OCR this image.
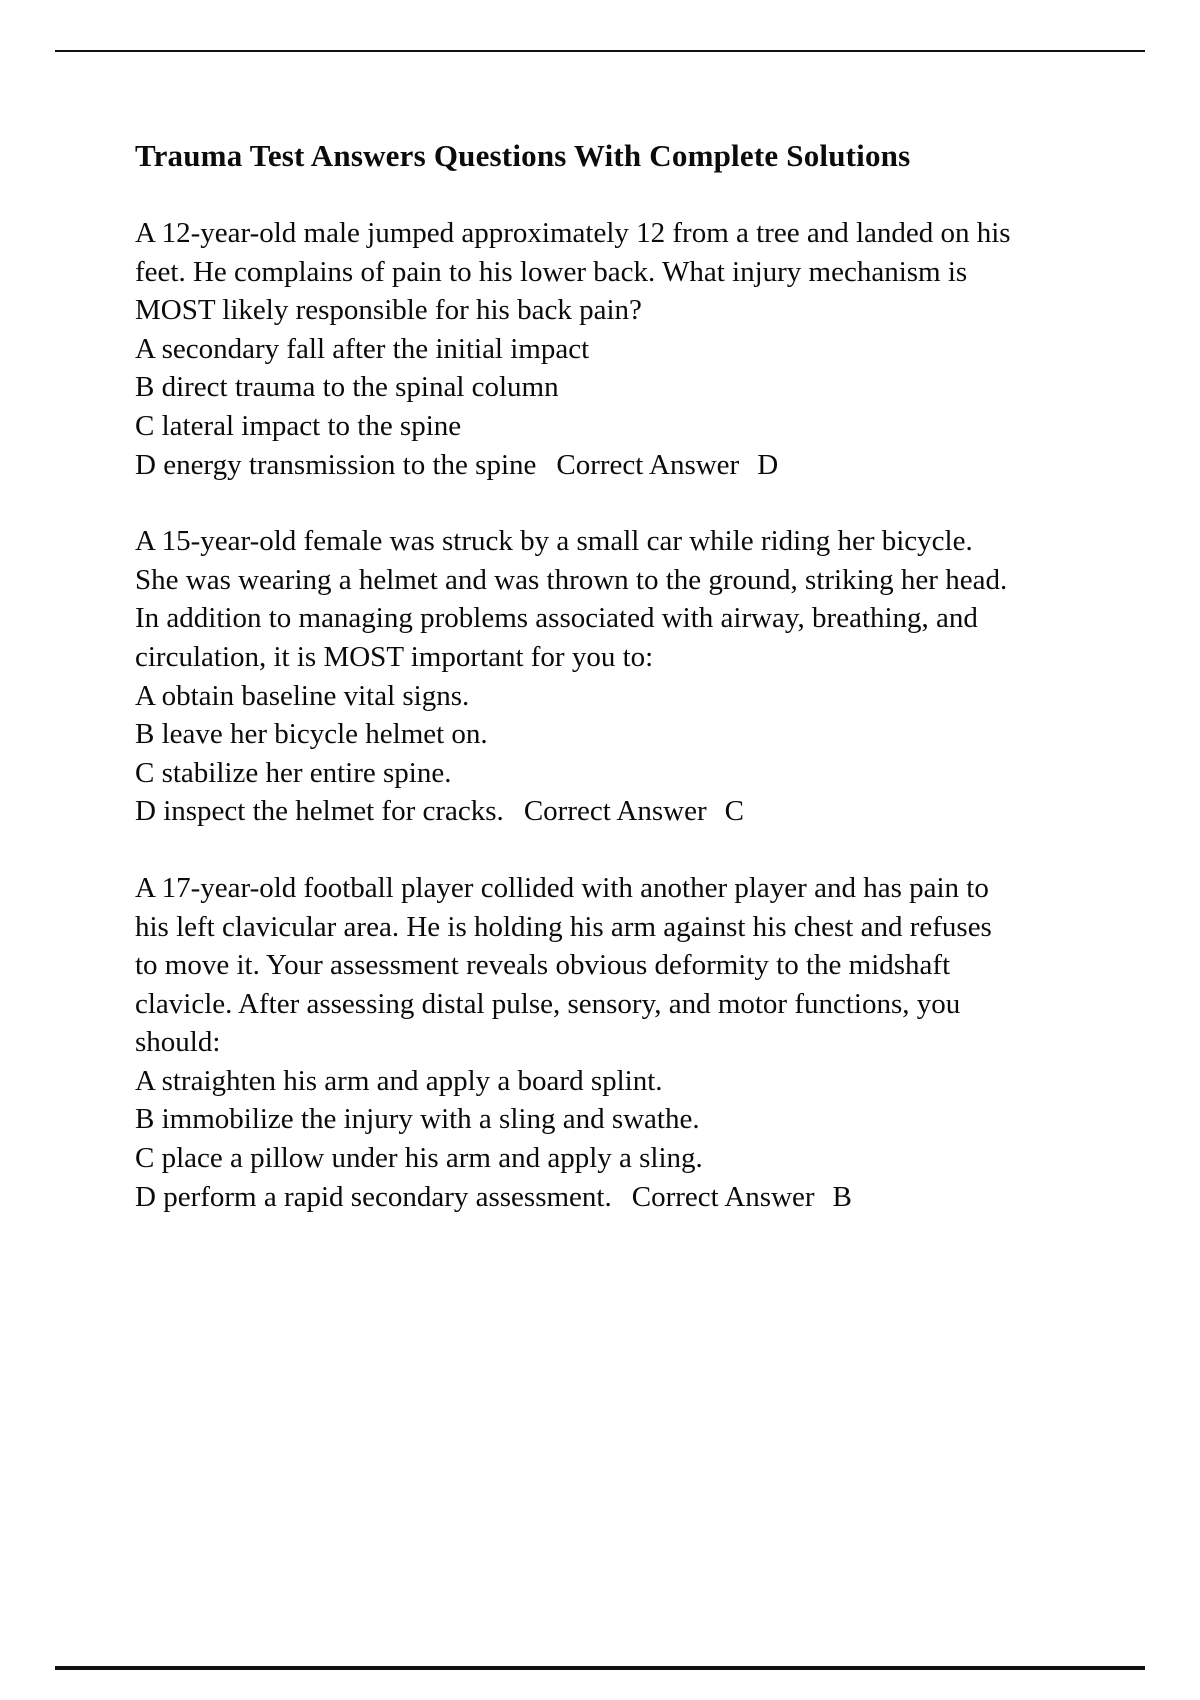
Trauma Test Answers Questions With Complete Solutions
A 12-year-old male jumped approximately 12 from a tree and landed on his feet. He complains of pain to his lower back. What injury mechanism is MOST likely responsible for his back pain?
A secondary fall after the initial impact
B direct trauma to the spinal column
C lateral impact to the spine
D energy transmission to the spine Correct Answer D
A 15-year-old female was struck by a small car while riding her bicycle. She was wearing a helmet and was thrown to the ground, striking her head. In addition to managing problems associated with airway, breathing, and circulation, it is MOST important for you to:
A obtain baseline vital signs.
B leave her bicycle helmet on.
C stabilize her entire spine.
D inspect the helmet for cracks. Correct Answer C
A 17-year-old football player collided with another player and has pain to his left clavicular area. He is holding his arm against his chest and refuses to move it. Your assessment reveals obvious deformity to the midshaft clavicle. After assessing distal pulse, sensory, and motor functions, you should:
A straighten his arm and apply a board splint.
B immobilize the injury with a sling and swathe.
C place a pillow under his arm and apply a sling.
D perform a rapid secondary assessment. Correct Answer B
